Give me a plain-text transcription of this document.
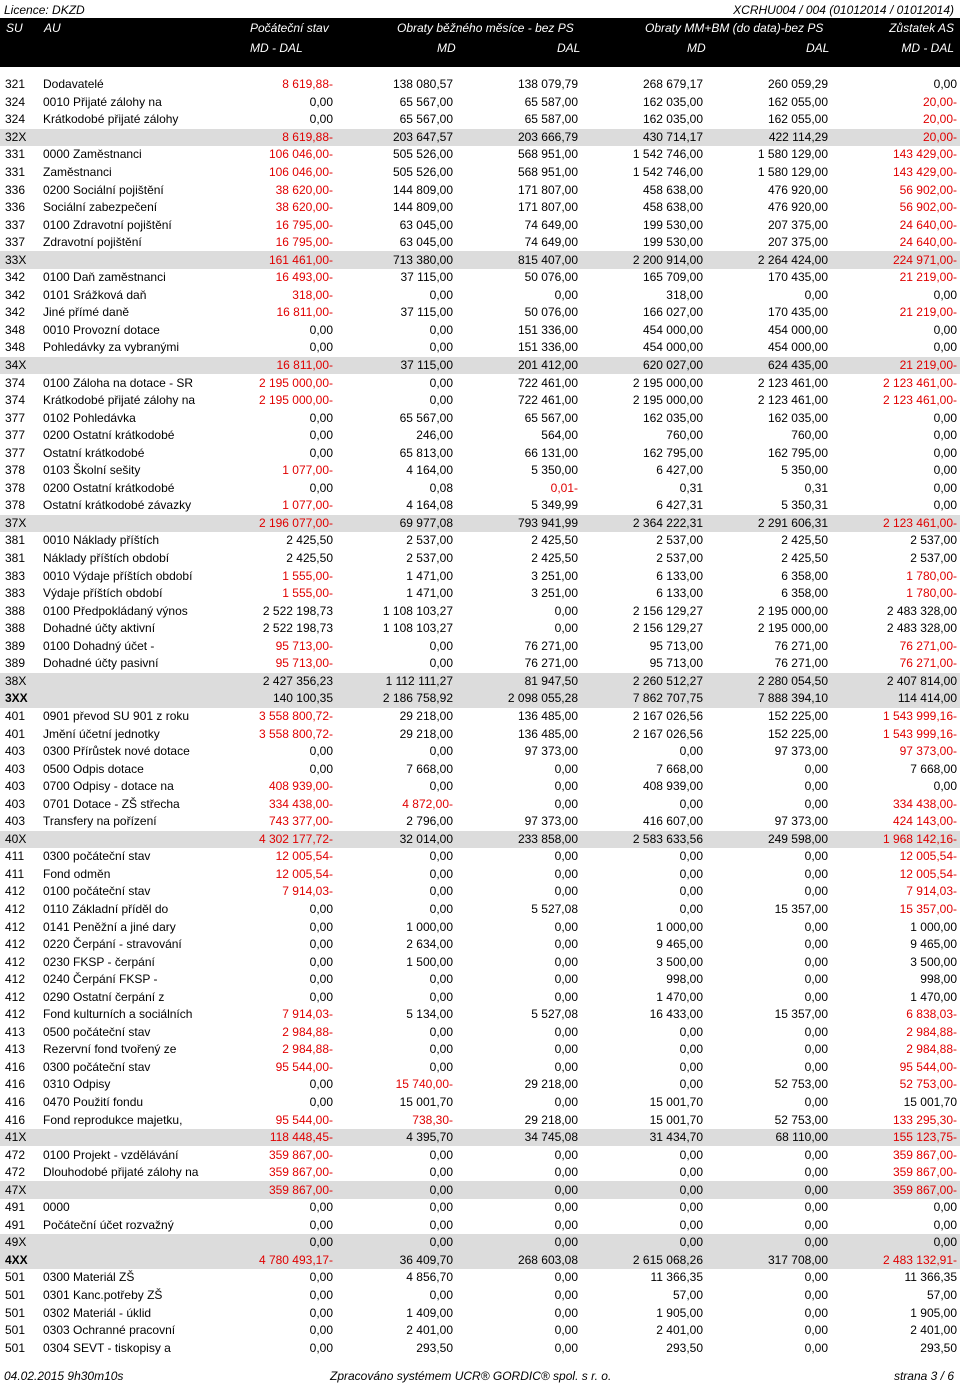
Licence: DKZD	XCRHU004 / 004 (01012014 / 01012014)
SU AU	Počáteční stav	Obraty běžného měsíce - bez PS	Obraty MM+BM (do data)-bez PS	Zůstatek AS
MD - DAL	MD	DAL	MD	DAL	MD - DAL
321	Dodavatelé	8 619,88-	138 080,57	138 079,79	268 679,17	260 059,29	0,00
324	0010 Přijaté zálohy na	0,00	65 567,00	65 587,00	162 035,00	162 055,00	20,00-
324	Krátkodobé přijaté zálohy	0,00	65 567,00	65 587,00	162 035,00	162 055,00	20,00-
32X		8 619,88-	203 647,57	203 666,79	430 714,17	422 114,29	20,00-
331	0000 Zaměstnanci	106 046,00-	505 526,00	568 951,00	1 542 746,00	1 580 129,00	143 429,00-
331	Zaměstnanci	106 046,00-	505 526,00	568 951,00	1 542 746,00	1 580 129,00	143 429,00-
336	0200 Sociální pojištění	38 620,00-	144 809,00	171 807,00	458 638,00	476 920,00	56 902,00-
336	Sociální zabezpečení	38 620,00-	144 809,00	171 807,00	458 638,00	476 920,00	56 902,00-
337	0100 Zdravotní pojištění	16 795,00-	63 045,00	74 649,00	199 530,00	207 375,00	24 640,00-
337	Zdravotní pojištění	16 795,00-	63 045,00	74 649,00	199 530,00	207 375,00	24 640,00-
33X		161 461,00-	713 380,00	815 407,00	2 200 914,00	2 264 424,00	224 971,00-
342	0100 Daň zaměstnanci	16 493,00-	37 115,00	50 076,00	165 709,00	170 435,00	21 219,00-
342	0101 Srážková daň	318,00-	0,00	0,00	318,00	0,00	0,00
342	Jiné přímé daně	16 811,00-	37 115,00	50 076,00	166 027,00	170 435,00	21 219,00-
348	0010 Provozní dotace	0,00	0,00	151 336,00	454 000,00	454 000,00	0,00
348	Pohledávky za vybranými	0,00	0,00	151 336,00	454 000,00	454 000,00	0,00
34X		16 811,00-	37 115,00	201 412,00	620 027,00	624 435,00	21 219,00-
374	0100 Záloha na dotace - SR	2 195 000,00-	0,00	722 461,00	2 195 000,00	2 123 461,00	2 123 461,00-
374	Krátkodobé přijaté zálohy na	2 195 000,00-	0,00	722 461,00	2 195 000,00	2 123 461,00	2 123 461,00-
377	0102 Pohledávka	0,00	65 567,00	65 567,00	162 035,00	162 035,00	0,00
377	0200 Ostatní krátkodobé	0,00	246,00	564,00	760,00	760,00	0,00
377	Ostatní krátkodobé	0,00	65 813,00	66 131,00	162 795,00	162 795,00	0,00
378	0103 Školní sešity	1 077,00-	4 164,00	5 350,00	6 427,00	5 350,00	0,00
378	0200 Ostatní krátkodobé	0,00	0,08	0,01-	0,31	0,31	0,00
378	Ostatní krátkodobé závazky	1 077,00-	4 164,08	5 349,99	6 427,31	5 350,31	0,00
37X		2 196 077,00-	69 977,08	793 941,99	2 364 222,31	2 291 606,31	2 123 461,00-
381	0010 Náklady příštích	2 425,50	2 537,00	2 425,50	2 537,00	2 425,50	2 537,00
381	Náklady příštích období	2 425,50	2 537,00	2 425,50	2 537,00	2 425,50	2 537,00
383	0010 Výdaje příštích období	1 555,00-	1 471,00	3 251,00	6 133,00	6 358,00	1 780,00-
383	Výdaje příštích období	1 555,00-	1 471,00	3 251,00	6 133,00	6 358,00	1 780,00-
388	0100 Předpokládaný výnos	2 522 198,73	1 108 103,27	0,00	2 156 129,27	2 195 000,00	2 483 328,00
388	Dohadné účty aktivní	2 522 198,73	1 108 103,27	0,00	2 156 129,27	2 195 000,00	2 483 328,00
389	0100 Dohadný účet -	95 713,00-	0,00	76 271,00	95 713,00	76 271,00	76 271,00-
389	Dohadné účty pasivní	95 713,00-	0,00	76 271,00	95 713,00	76 271,00	76 271,00-
38X		2 427 356,23	1 112 111,27	81 947,50	2 260 512,27	2 280 054,50	2 407 814,00
3XX		140 100,35	2 186 758,92	2 098 055,28	7 862 707,75	7 888 394,10	114 414,00
401	0901 převod SU 901 z roku	3 558 800,72-	29 218,00	136 485,00	2 167 026,56	152 225,00	1 543 999,16-
401	Jmění účetní jednotky	3 558 800,72-	29 218,00	136 485,00	2 167 026,56	152 225,00	1 543 999,16-
403	0300 Přírůstek nové dotace	0,00	0,00	97 373,00	0,00	97 373,00	97 373,00-
403	0500 Odpis dotace	0,00	7 668,00	0,00	7 668,00	0,00	7 668,00
403	0700 Odpisy - dotace na	408 939,00-	0,00	0,00	408 939,00	0,00	0,00
403	0701 Dotace - ZŠ střecha	334 438,00-	4 872,00-	0,00	0,00	0,00	334 438,00-
403	Transfery na pořízení	743 377,00-	2 796,00	97 373,00	416 607,00	97 373,00	424 143,00-
40X		4 302 177,72-	32 014,00	233 858,00	2 583 633,56	249 598,00	1 968 142,16-
411	0300 počáteční stav	12 005,54-	0,00	0,00	0,00	0,00	12 005,54-
411	Fond odměn	12 005,54-	0,00	0,00	0,00	0,00	12 005,54-
412	0100 počáteční stav	7 914,03-	0,00	0,00	0,00	0,00	7 914,03-
412	0110 Základní příděl do	0,00	0,00	5 527,08	0,00	15 357,00	15 357,00-
412	0141 Peněžní a jiné dary	0,00	1 000,00	0,00	1 000,00	0,00	1 000,00
412	0220 Čerpání - stravování	0,00	2 634,00	0,00	9 465,00	0,00	9 465,00
412	0230 FKSP - čerpání	0,00	1 500,00	0,00	3 500,00	0,00	3 500,00
412	0240 Čerpání FKSP -	0,00	0,00	0,00	998,00	0,00	998,00
412	0290 Ostatní čerpání z	0,00	0,00	0,00	1 470,00	0,00	1 470,00
412	Fond kulturních a sociálních	7 914,03-	5 134,00	5 527,08	16 433,00	15 357,00	6 838,03-
413	0500 počáteční stav	2 984,88-	0,00	0,00	0,00	0,00	2 984,88-
413	Rezervní fond tvořený ze	2 984,88-	0,00	0,00	0,00	0,00	2 984,88-
416	0300 počáteční stav	95 544,00-	0,00	0,00	0,00	0,00	95 544,00-
416	0310 Odpisy	0,00	15 740,00-	29 218,00	0,00	52 753,00	52 753,00-
416	0470 Použití fondu	0,00	15 001,70	0,00	15 001,70	0,00	15 001,70
416	Fond reprodukce majetku,	95 544,00-	738,30-	29 218,00	15 001,70	52 753,00	133 295,30-
41X		118 448,45-	4 395,70	34 745,08	31 434,70	68 110,00	155 123,75-
472	0100 Projekt - vzdělávání	359 867,00-	0,00	0,00	0,00	0,00	359 867,00-
472	Dlouhodobé přijaté zálohy na	359 867,00-	0,00	0,00	0,00	0,00	359 867,00-
47X		359 867,00-	0,00	0,00	0,00	0,00	359 867,00-
491	0000	0,00	0,00	0,00	0,00	0,00	0,00
491	Počáteční účet rozvažný	0,00	0,00	0,00	0,00	0,00	0,00
49X		0,00	0,00	0,00	0,00	0,00	0,00
4XX		4 780 493,17-	36 409,70	268 603,08	2 615 068,26	317 708,00	2 483 132,91-
501	0300 Materiál ZŠ	0,00	4 856,70	0,00	11 366,35	0,00	11 366,35
501	0301 Kanc.potřeby ZŠ	0,00	0,00	0,00	57,00	0,00	57,00
501	0302 Materiál - úklid	0,00	1 409,00	0,00	1 905,00	0,00	1 905,00
501	0303 Ochranné pracovní	0,00	2 401,00	0,00	2 401,00	0,00	2 401,00
501	0304 SEVT - tiskopisy a	0,00	293,50	0,00	293,50	0,00	293,50
04.02.2015 9h30m10s	Zpracováno systémem UCR® GORDIC® spol. s r. o.	strana 3 / 6
